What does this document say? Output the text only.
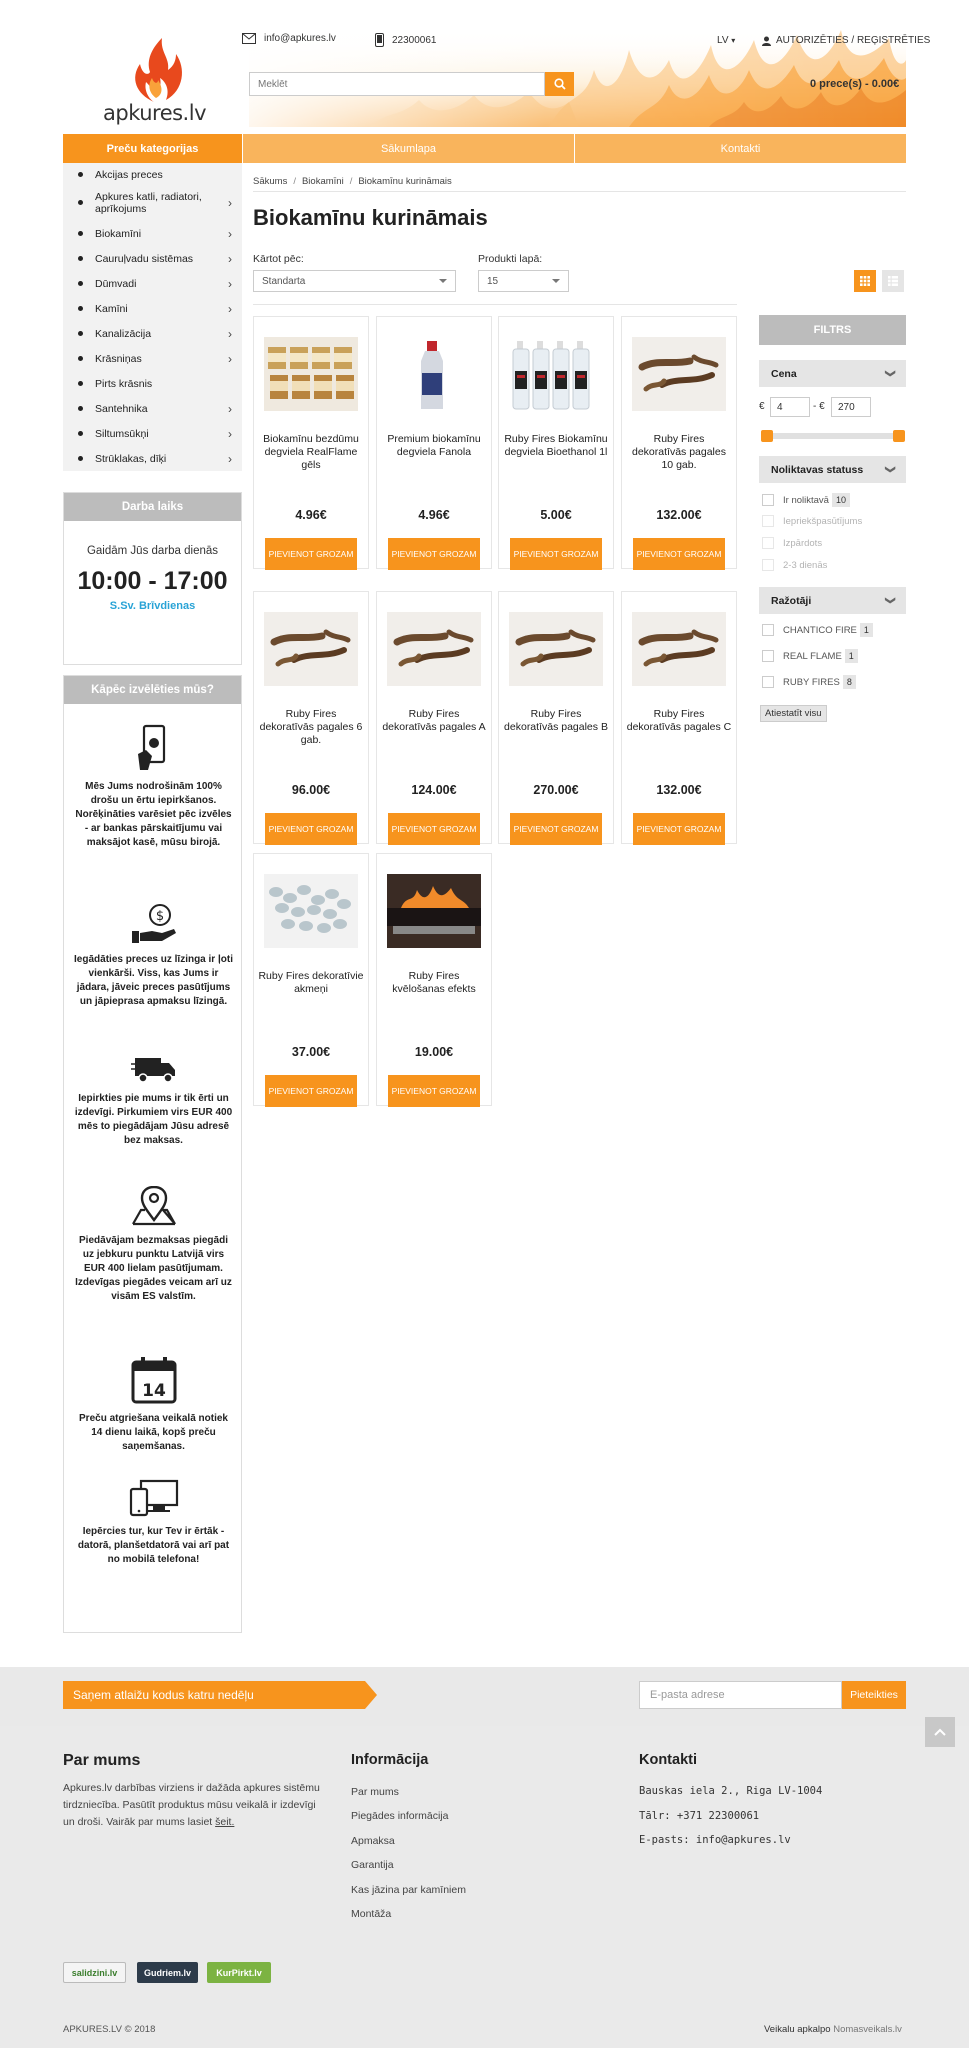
apkures.lv
info@apkures.lv	22300061
Meklēt	LV ▾	AUTORIZĒTIES / REĢISTRĒTIES
0 prece(s) - 0.00€
Preču kategorijas	Sākumlapa	Kontakti
Akcijas preces
Apkures katli, radiatori, aprīkojums	›
Biokamīni	›
Cauruļvadu sistēmas	›
Dūmvadi	›
Kamīni	›
Kanalizācija	›
Krāsniņas	›
Pirts krāsnis
Santehnika	›
Siltumsūkņi	›
Strūklakas, dīķi	›
Darba laiks
Gaidām Jūs darba dienās
10:00 - 17:00
S.Sv. Brīvdienas
Kāpēc izvēlēties mūs?
Mēs Jums nodrošinām 100% drošu un ērtu iepirkšanos. Norēķināties varēsiet pēc izvēles - ar bankas pārskaitījumu vai maksājot kasē, mūsu birojā.
$
Iegādāties preces uz līzinga ir ļoti vienkārši. Viss, kas Jums ir jādara, jāveic preces pasūtījums un jāpieprasa apmaksu līzingā.
Iepirkties pie mums ir tik ērti un izdevīgi. Pirkumiem virs EUR 400 mēs to piegādājam Jūsu adresē bez maksas.
Piedāvājam bezmaksas piegādi uz jebkuru punktu Latvijā virs EUR 400 lielam pasūtījumam. Izdevīgas piegādes veicam arī uz visām ES valstīm.
14
Preču atgriešana veikalā notiek 14 dienu laikā, kopš preču saņemšanas.
Iepērcies tur, kur Tev ir ērtāk - datorā, planšetdatorā vai arī pat no mobilā telefona!
Sākums / Biokamīni / Biokamīnu kurināmais
Biokamīnu kurināmais
Kārtot pēc:
Standarta
Produkti lapā:
15
Biokamīnu bezdūmu degviela RealFlame gēls
4.96€
PIEVIENOT GROZAM
Premium biokamīnu degviela Fanola
4.96€
PIEVIENOT GROZAM
Ruby Fires Biokamīnu degviela Bioethanol 1l
5.00€
PIEVIENOT GROZAM
Ruby Fires dekoratīvās pagales 10 gab.
132.00€
PIEVIENOT GROZAM
Ruby Fires dekoratīvās pagales 6 gab.
96.00€
PIEVIENOT GROZAM
Ruby Fires dekoratīvās pagales A
124.00€
PIEVIENOT GROZAM
Ruby Fires dekoratīvās pagales B
270.00€
PIEVIENOT GROZAM
Ruby Fires dekoratīvās pagales C
132.00€
PIEVIENOT GROZAM
Ruby Fires dekoratīvie akmeņi
37.00€
PIEVIENOT GROZAM
Ruby Fires kvēlošanas efekts
19.00€
PIEVIENOT GROZAM
FILTRS
Cena	❯
€	4	- €	270
Noliktavas statuss ❯
Ir noliktavā 10
Iepriekšpasūtījums
Izpārdots
2-3 dienās
Ražotāji	❯
CHANTICO FIRE 1
REAL FLAME 1
RUBY FIRES 8
Atiestatīt visu
Saņem atlaižu kodus katru nedēļu	E-pasta adrese	Pieteikties
Par mums
Apkures.lv darbības virziens ir dažāda apkures sistēmu tirdzniecība. Pasūtīt produktus mūsu veikalā ir izdevīgi un droši. Vairāk par mums lasiet šeit.
Informācija
Par mums
Piegādes informācija
Apmaksa
Garantija
Kas jāzina par kamīniem
Montāža
Kontakti
Bauskas iela 2., Riga LV-1004
Tālr: +371 22300061
E-pasts: info@apkures.lv
salidzini.lv	Gudriem.lv	KurPirkt.lv
APKURES.LV © 2018	Veikalu apkalpo Nomasveikals.lv
